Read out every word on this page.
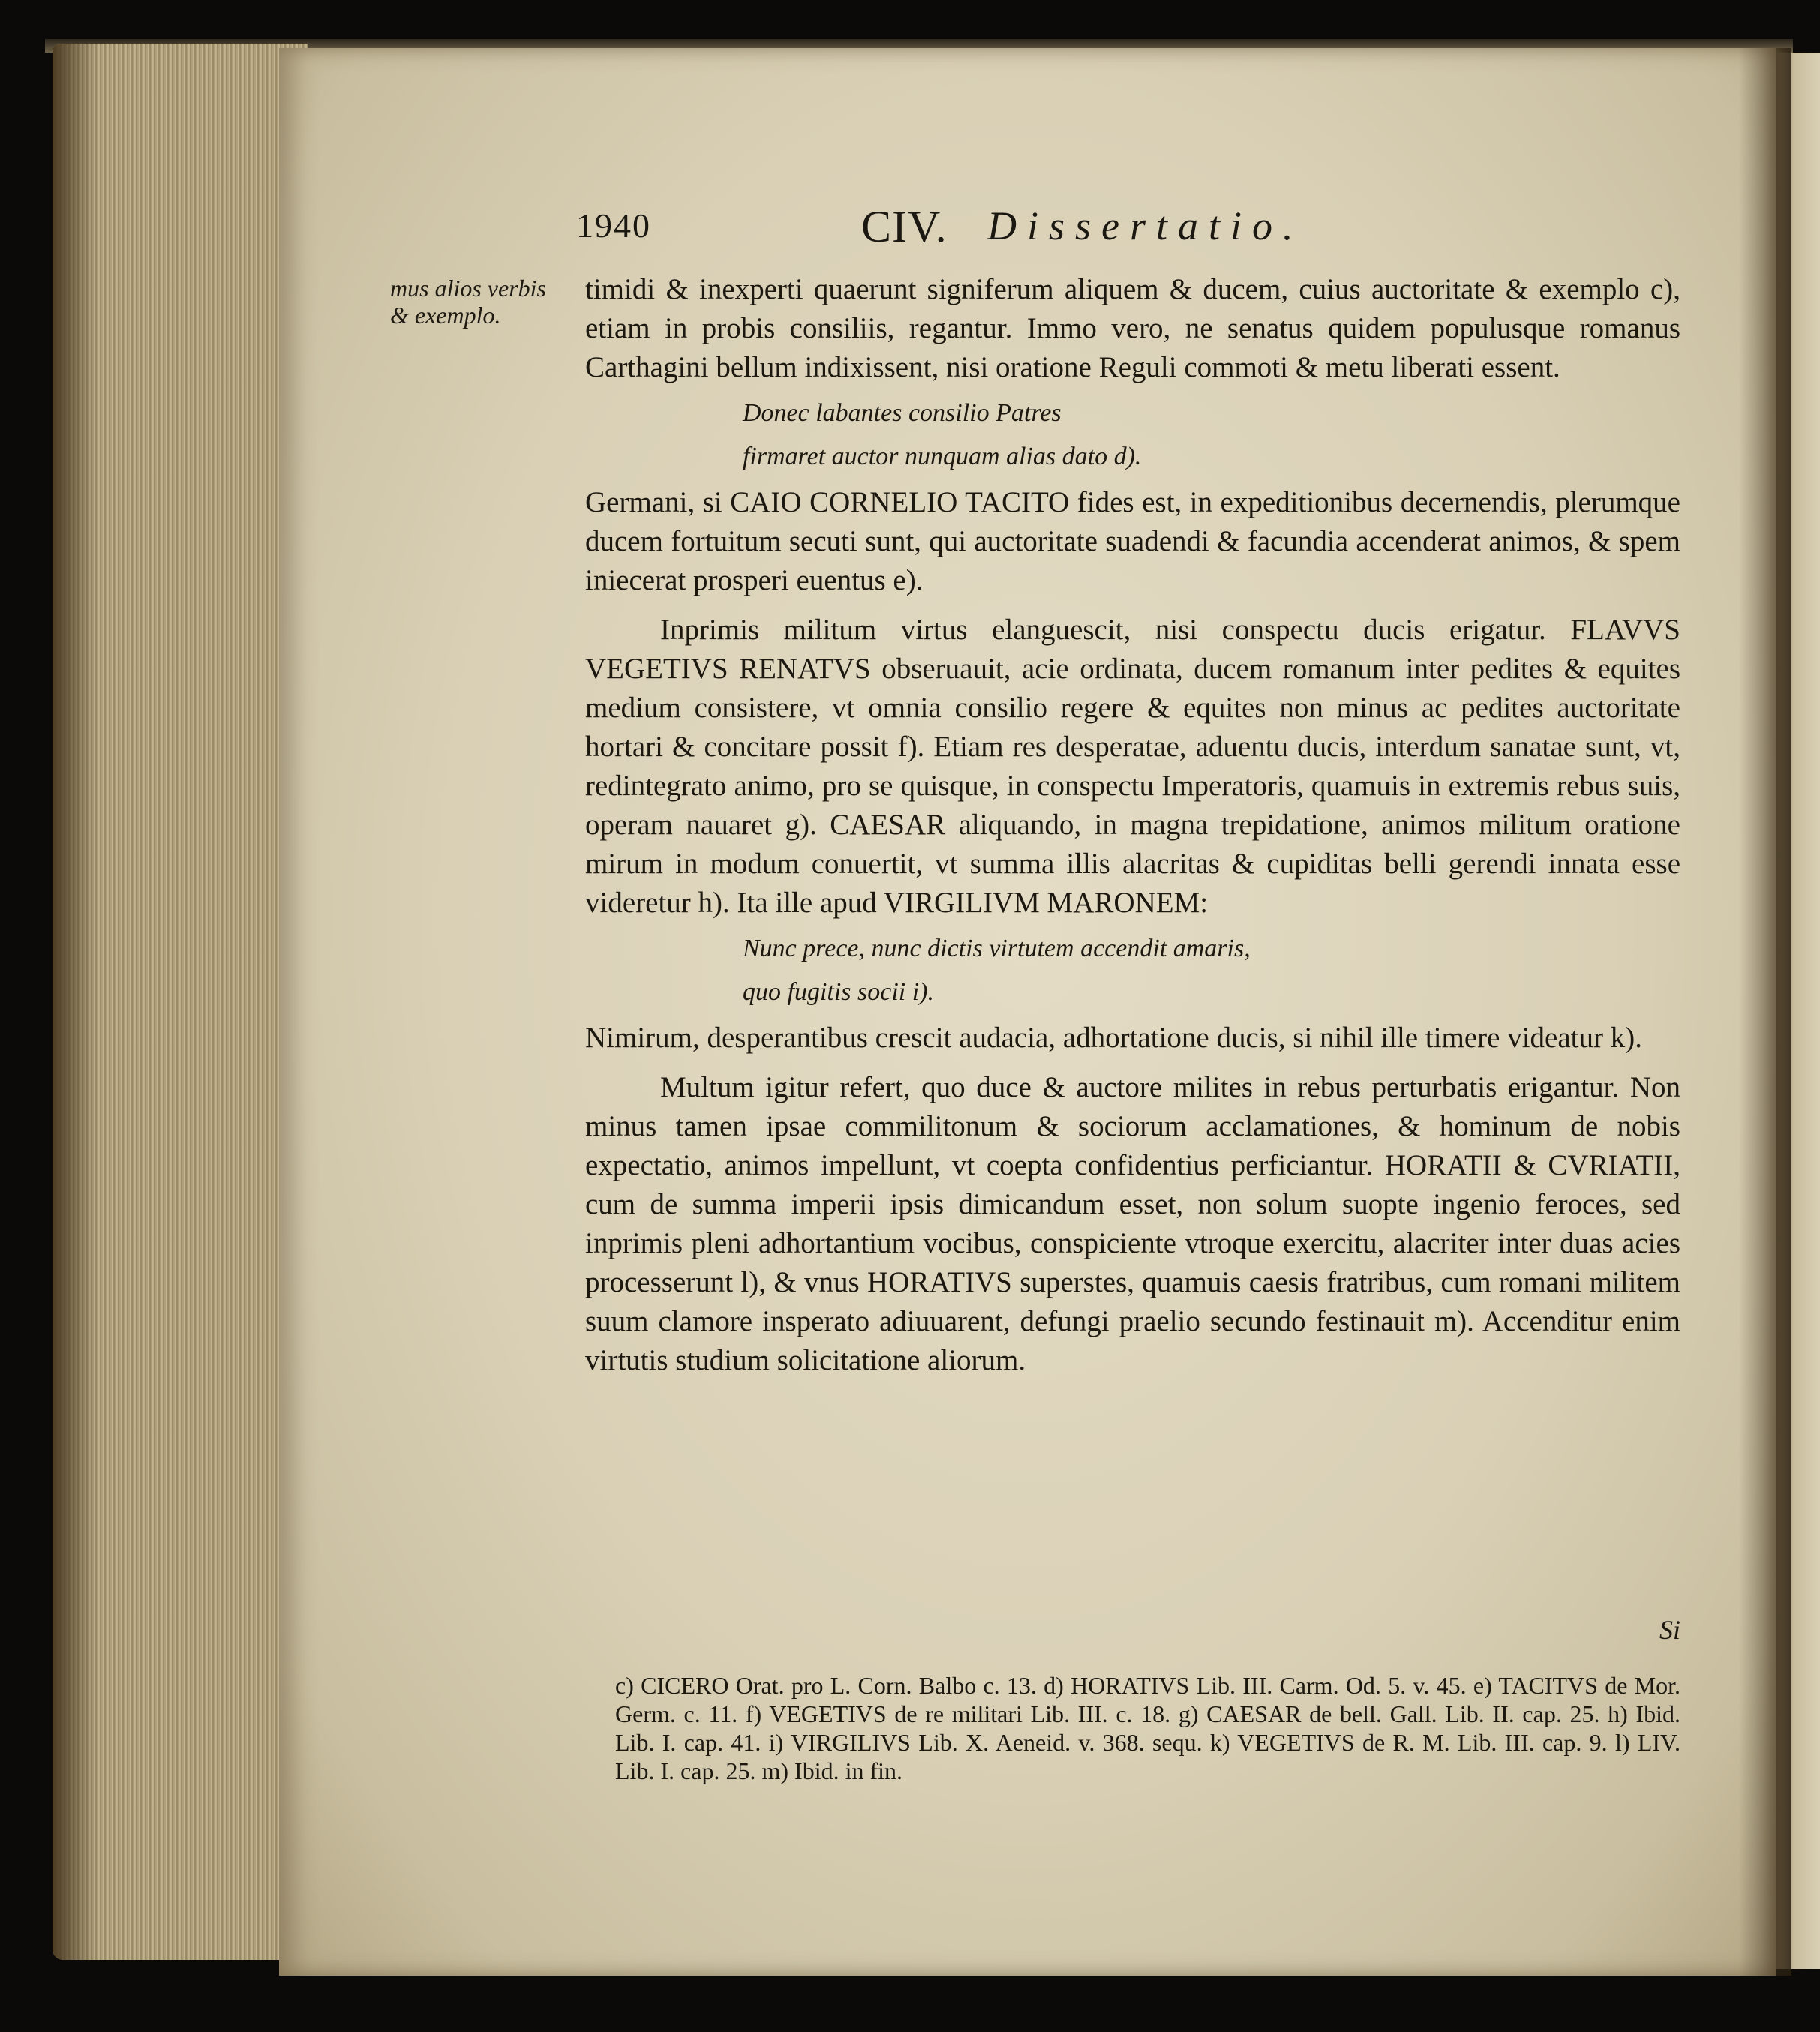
1940	CIV. Dissertatio.
mus alios verbis & exemplo.

timidi & inexperti quaerunt signiferum aliquem & ducem, cuius auctoritate & exemplo c), etiam in probis consiliis, regantur. Immo vero, ne senatus quidem populusque romanus Carthagini bellum indixissent, nisi oratione Reguli commoti & metu liberati essent.

Donec labantes consilio Patres
firmaret auctor nunquam alias dato d).

Germani, si CAIO CORNELIO TACITO fides est, in expeditionibus decernendis, plerumque ducem fortuitum secuti sunt, qui auctoritate suadendi & facundia accenderat animos, & spem iniecerat prosperi euentus e).

Inprimis militum virtus elanguescit, nisi conspectu ducis erigatur. FLAVVS VEGETIVS RENATVS obseruauit, acie ordinata, ducem romanum inter pedites & equites medium consistere, vt omnia consilio regere & equites non minus ac pedites auctoritate hortari & concitare possit f). Etiam res desperatae, aduentu ducis, interdum sanatae sunt, vt, redintegrato animo, pro se quisque, in conspectu Imperatoris, quamuis in extremis rebus suis, operam nauaret g). CAESAR aliquando, in magna trepidatione, animos militum oratione mirum in modum conuertit, vt summa illis alacritas & cupiditas belli gerendi innata esse videretur h). Ita ille apud VIRGILIVM MARONEM:

Nunc prece, nunc dictis virtutem accendit amaris,
quo fugitis socii i).

Nimirum, desperantibus crescit audacia, adhortatione ducis, si nihil ille timere videatur k).

Multum igitur refert, quo duce & auctore milites in rebus perturbatis erigantur. Non minus tamen ipsae commilitonum & sociorum acclamationes, & hominum de nobis expectatio, animos impellunt, vt coepta confidentius perficiantur. HORATII & CVRIATII, cum de summa imperii ipsis dimicandum esset, non solum suopte ingenio feroces, sed inprimis pleni adhortantium vocibus, conspiciente vtroque exercitu, alacriter inter duas acies processerunt l), & vnus HORATIVS superstes, quamuis caesis fratribus, cum romani militem suum clamore insperato adiuuarent, defungi praelio secundo festinauit m). Accenditur enim virtutis studium solicitatione aliorum.

Si

c) CICERO Orat. pro L. Corn. Balbo c. 13. d) HORATIVS Lib. III. Carm. Od. 5. v. 45. e) TACITVS de Mor. Germ. c. 11. f) VEGETIVS de re militari Lib. III. c. 18. g) CAESAR de bell. Gall. Lib. II. cap. 25. h) Ibid. Lib. I. cap. 41. i) VIRGILIVS Lib. X. Aeneid. v. 368. sequ. k) VEGETIVS de R. M. Lib. III. cap. 9. l) LIV. Lib. I. cap. 25. m) Ibid. in fin.
